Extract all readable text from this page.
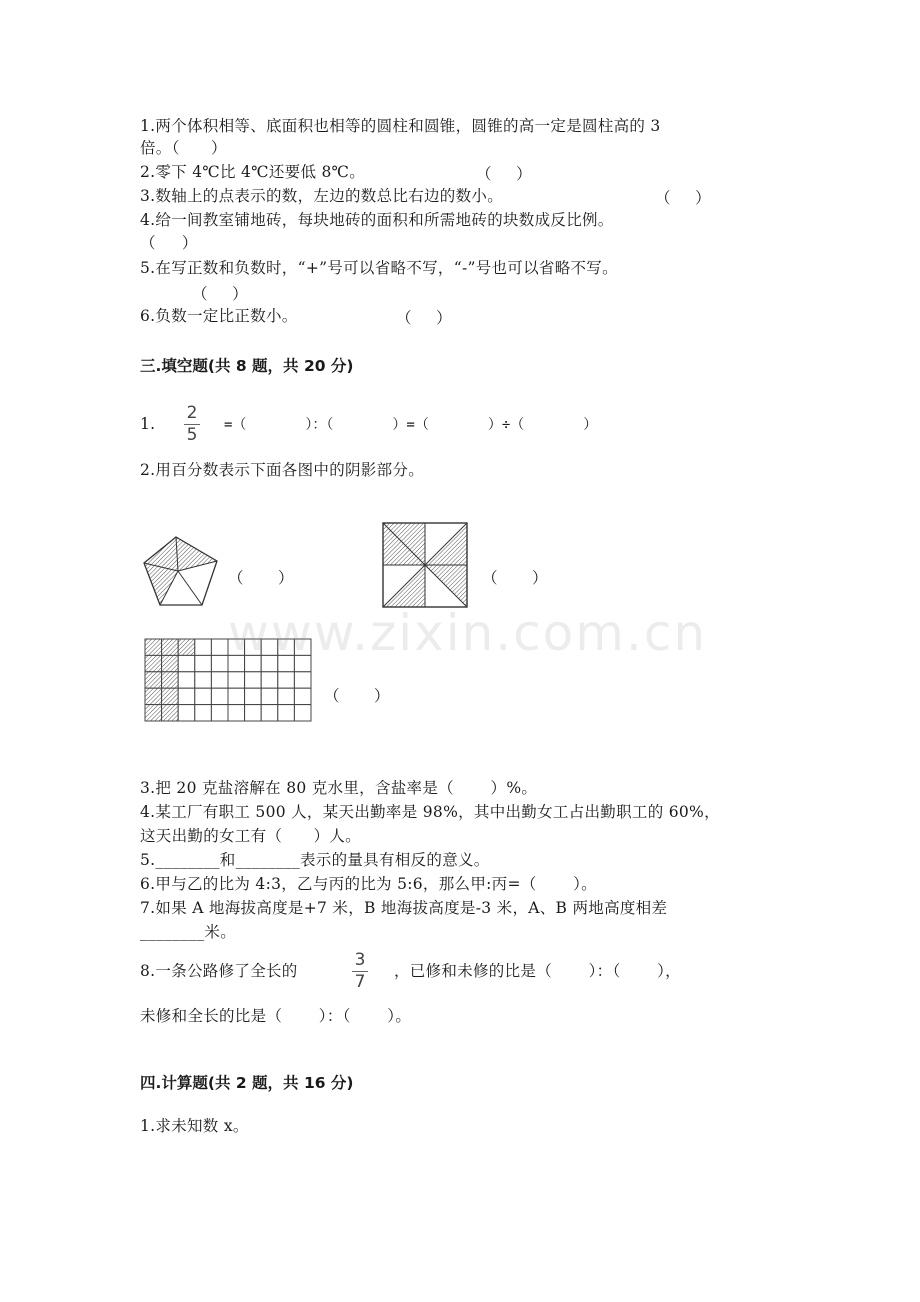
1.两个体积相等、底面积也相等的圆柱和圆锥，圆锥的高一定是圆柱高的 3
倍。（      ）
2.零下 4℃比 4℃还要低 8℃。	（     ）
3.数轴上的点表示的数，左边的数总比右边的数小。	（     ）
4.给一间教室铺地砖，每块地砖的面积和所需地砖的块数成反比例。
（     ）
5.在写正数和负数时，“+”号可以省略不写，“-”号也可以省略不写。
（     ）
6.负数一定比正数小。	（     ）
三.填空题(共 8 题，共 20 分)
1.
2
5 =（       ）：（       ）=（       ）÷（       ）
2.用百分数表示下面各图中的阴影部分。
（       ）	（       ）
（       ）
www.zixin.com.cn
3.把 20 克盐溶解在 80 克水里，含盐率是（       ）%。
4.某工厂有职工 500 人，某天出勤率是 98%，其中出勤女工占出勤职工的 60%，
这天出勤的女工有（      ）人。
5.________和________表示的量具有相反的意义。
6.甲与乙的比为 4:3，乙与丙的比为 5:6，那么甲:丙=（       ）。
7.如果 A 地海拔高度是+7 米，B 地海拔高度是-3 米，A、B 两地高度相差
________米。
8.一条公路修了全长的
3
7
，已修和未修的比是（       ）：（       ），
未修和全长的比是（       ）：（       ）。
四.计算题(共 2 题，共 16 分)
1.求未知数 x。
